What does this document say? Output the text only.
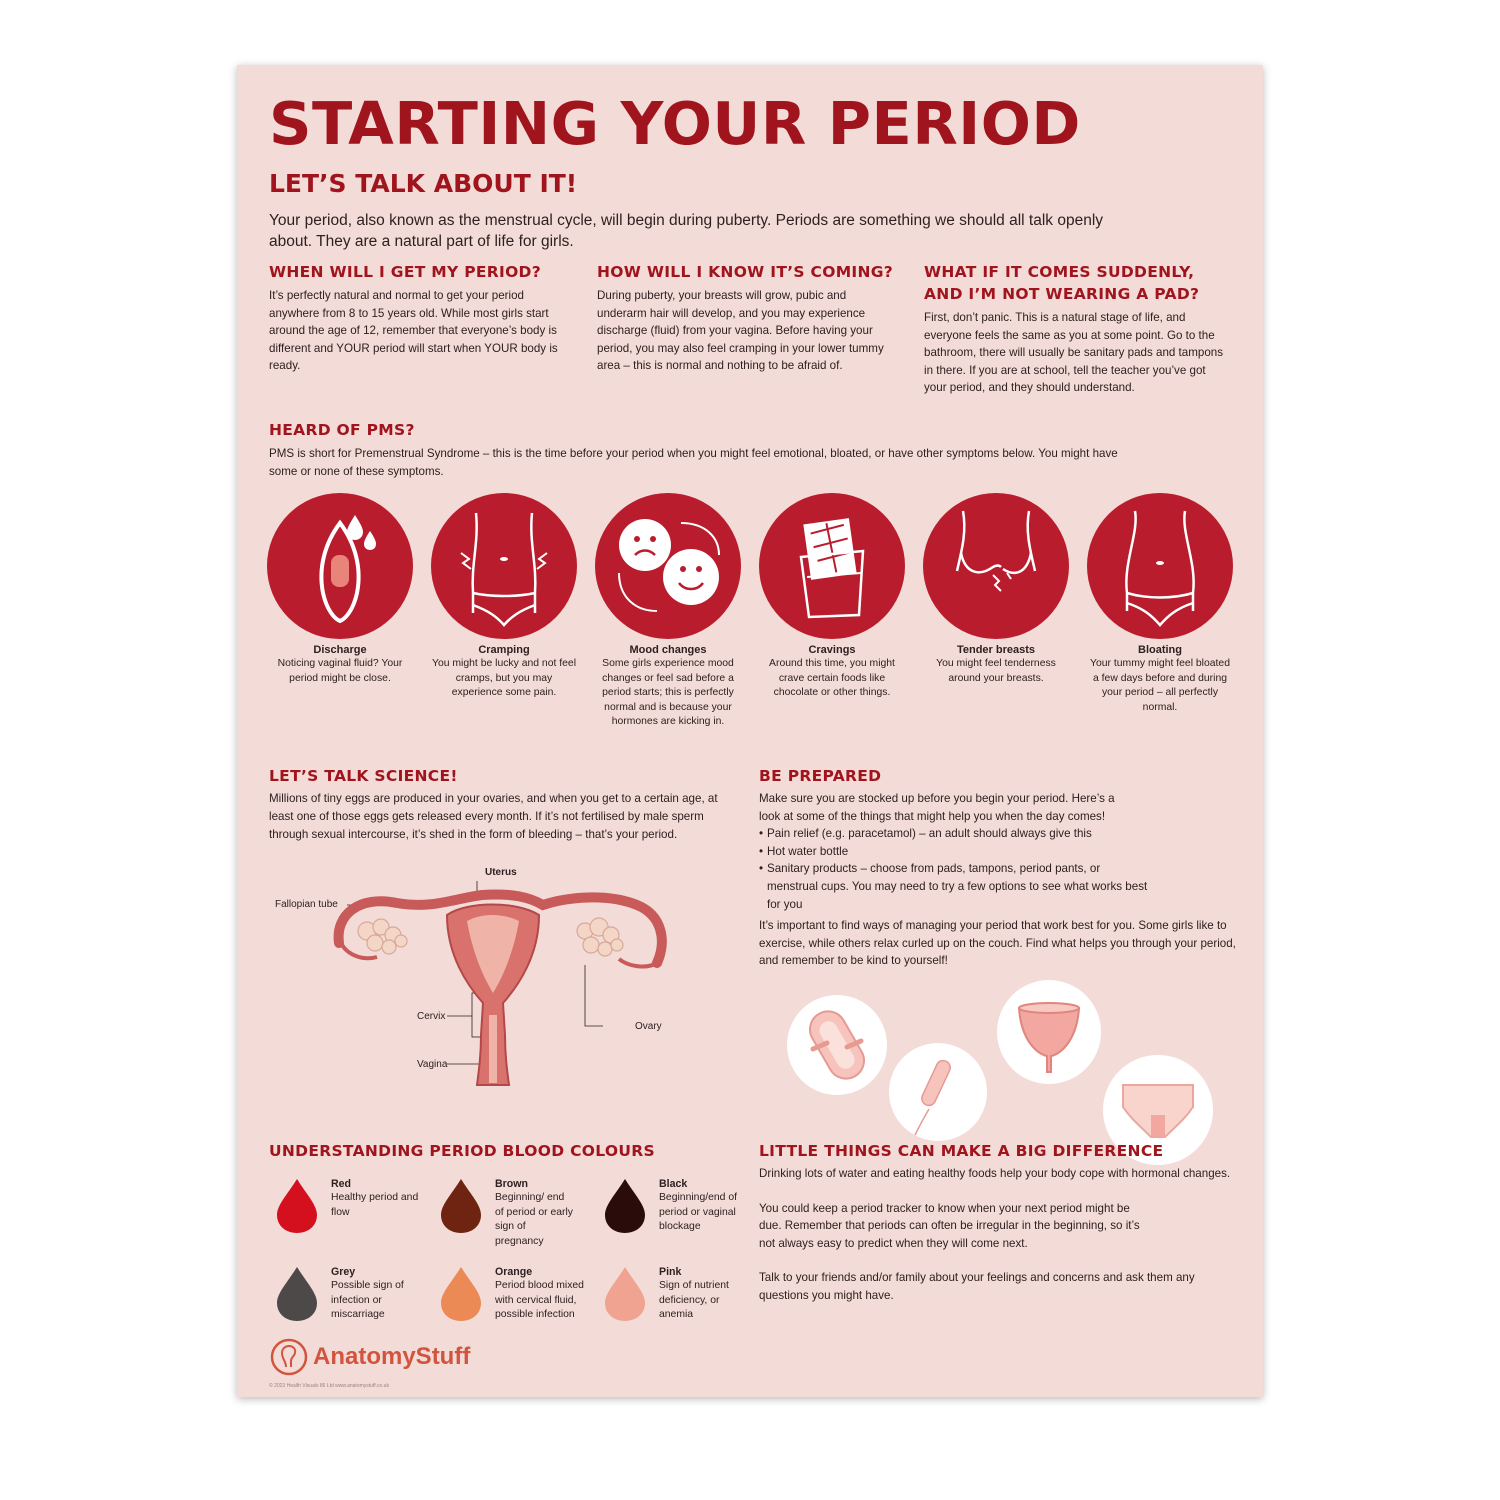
STARTING YOUR PERIOD
LET’S TALK ABOUT IT!
Your period, also known as the menstrual cycle, will begin during puberty. Periods are something we should all talk openly about. They are a natural part of life for girls.
WHEN WILL I GET MY PERIOD?
It’s perfectly natural and normal to get your period anywhere from 8 to 15 years old. While most girls start around the age of 12, remember that everyone’s body is different and YOUR period will start when YOUR body is ready.
HOW WILL I KNOW IT’S COMING?
During puberty, your breasts will grow, pubic and underarm hair will develop, and you may experience discharge (fluid) from your vagina. Before having your period, you may also feel cramping in your lower tummy area – this is normal and nothing to be afraid of.
WHAT IF IT COMES SUDDENLY,
AND I’M NOT WEARING A PAD?
First, don’t panic. This is a natural stage of life, and everyone feels the same as you at some point. Go to the bathroom, there will usually be sanitary pads and tampons in there. If you are at school, tell the teacher you’ve got your period, and they should understand.
HEARD OF PMS?
PMS is short for Premenstrual Syndrome – this is the time before your period when you might feel emotional, bloated, or have other symptoms below. You might have some or none of these symptoms.
Discharge
Noticing vaginal fluid? Your period might be close.
Cramping
You might be lucky and not feel cramps, but you may experience some pain.
Mood changes
Some girls experience mood changes or feel sad before a period starts; this is perfectly normal and is because your hormones are kicking in.
Cravings
Around this time, you might crave certain foods like chocolate or other things.
Tender breasts
You might feel tenderness around your breasts.
Bloating
Your tummy might feel bloated a few days before and during your period – all perfectly normal.
LET’S TALK SCIENCE!
Millions of tiny eggs are produced in your ovaries, and when you get to a certain age, at least one of those eggs gets released every month. If it’s not fertilised by male sperm through sexual intercourse, it’s shed in the form of bleeding – that’s your period.
Uterus
Fallopian tube
Cervix
Ovary
Vagina
BE PREPARED
Make sure you are stocked up before you begin your period. Here’s a look at some of the things that might help you when the day comes!
• Pain relief (e.g. paracetamol) – an adult should always give this
• Hot water bottle
• Sanitary products – choose from pads, tampons, period pants, or menstrual cups. You may need to try a few options to see what works best for you
It’s important to find ways of managing your period that work best for you. Some girls like to exercise, while others relax curled up on the couch. Find what helps you through your period, and remember to be kind to yourself!
UNDERSTANDING PERIOD BLOOD COLOURS
Red
Healthy period and flow
Brown
Beginning/ end of period or early sign of pregnancy
Black
Beginning/end of period or vaginal blockage
Grey
Possible sign of infection or miscarriage
Orange
Period blood mixed with cervical fluid, possible infection
Pink
Sign of nutrient deficiency, or anemia
LITTLE THINGS CAN MAKE A BIG DIFFERENCE
Drinking lots of water and eating healthy foods help your body cope with hormonal changes.
You could keep a period tracker to know when your next period might be due. Remember that periods can often be irregular in the beginning, so it’s not always easy to predict when they will come next.
Talk to your friends and/or family about your feelings and concerns and ask them any questions you might have.
AnatomyStuff
© 2023 Health Visuals 86 Ltd www.anatomystuff.co.uk
